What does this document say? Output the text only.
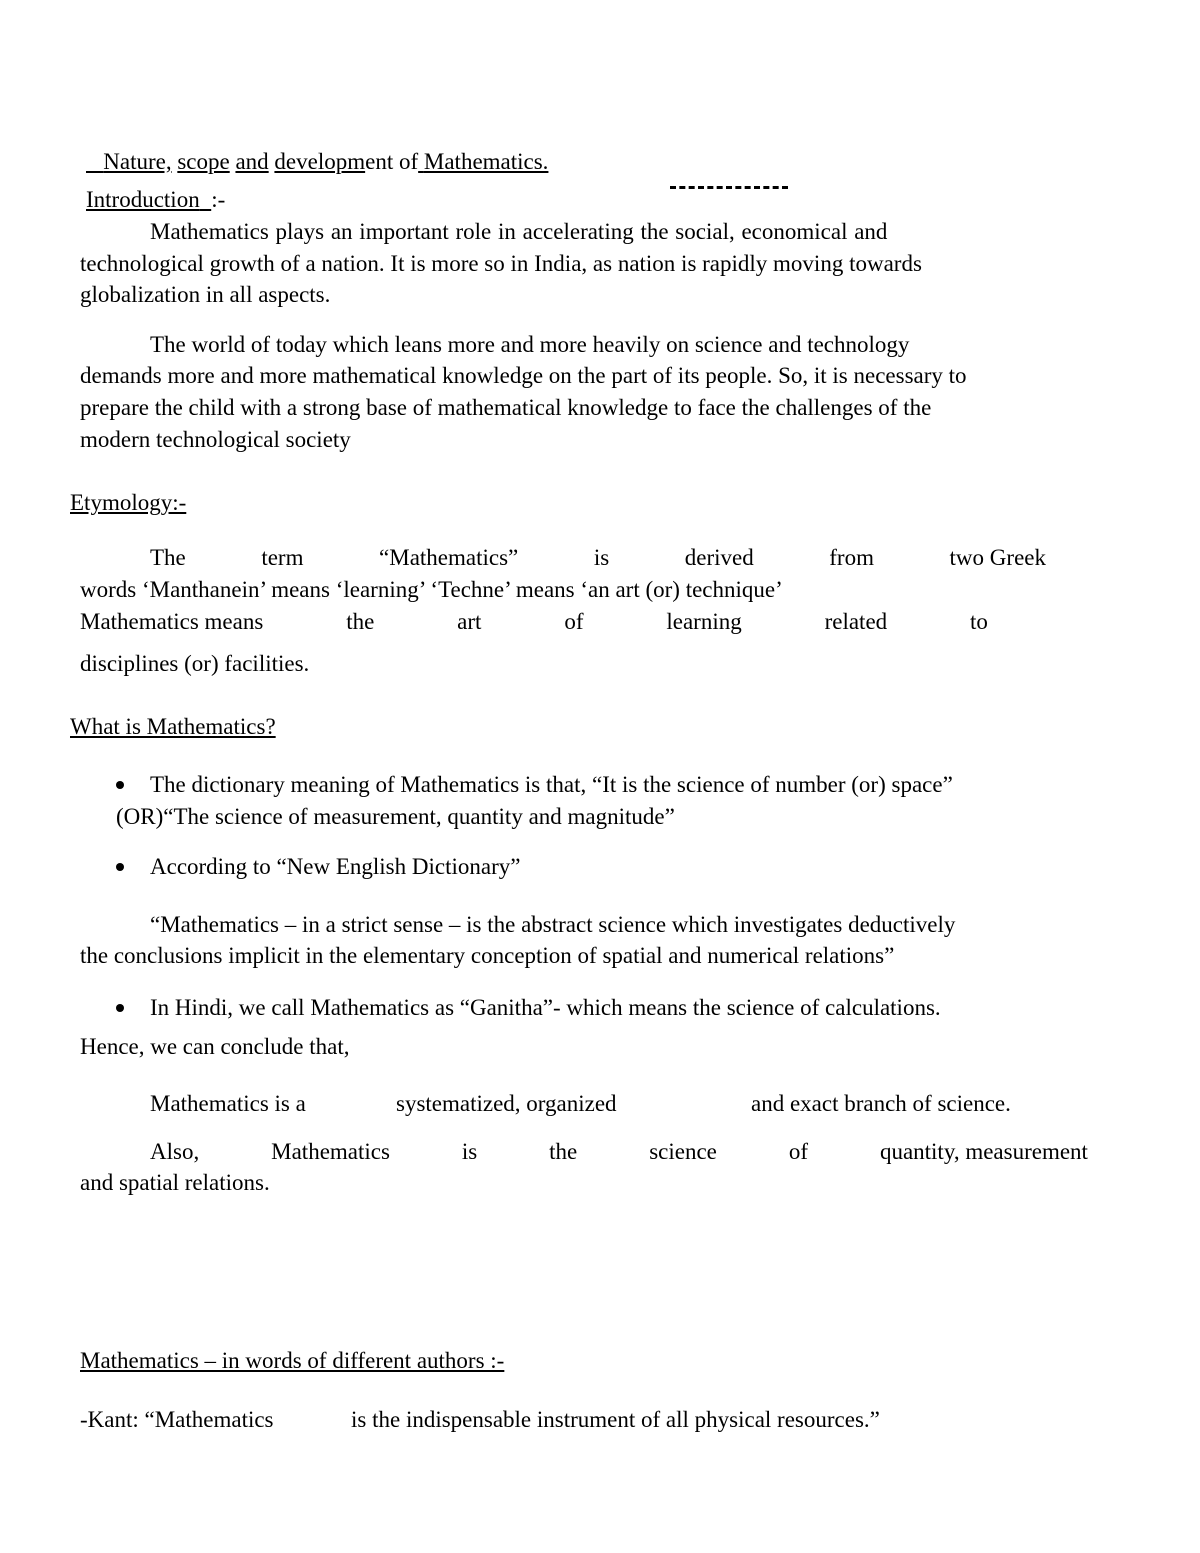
Nature, scope and development of Mathematics.
Introduction :-
Mathematics plays an important role in accelerating the social, economical and
technological growth of a nation. It is more so in India, as nation is rapidly moving towards
globalization in all aspects.
The world of today which leans more and more heavily on science and technology
demands more and more mathematical knowledge on the part of its people. So, it is necessary to
prepare the child with a strong base of mathematical knowledge to face the challenges of the
modern technological society
Etymology:-
The	term	“Mathematics”	is	derived	from	two Greek
words ‘Manthanein’ means ‘learning’ ‘Techne’ means ‘an art (or) technique’
Mathematics means	the	art	of	learning	related	to
disciplines (or) facilities.
What is Mathematics?
The dictionary meaning of Mathematics is that, “It is the science of number (or) space”
(OR)“The science of measurement, quantity and magnitude”
According to “New English Dictionary”
“Mathematics – in a strict sense – is the abstract science which investigates deductively
the conclusions implicit in the elementary conception of spatial and numerical relations”
In Hindi, we call Mathematics as “Ganitha”- which means the science of calculations.
Hence, we can conclude that,
Mathematics is a	systematized, organized	and exact branch of science.
Also,	Mathematics	is	the	science	of	quantity, measurement
and spatial relations.
Mathematics – in words of different authors :-
-Kant: “Mathematics	is the indispensable instrument of all physical resources.”
